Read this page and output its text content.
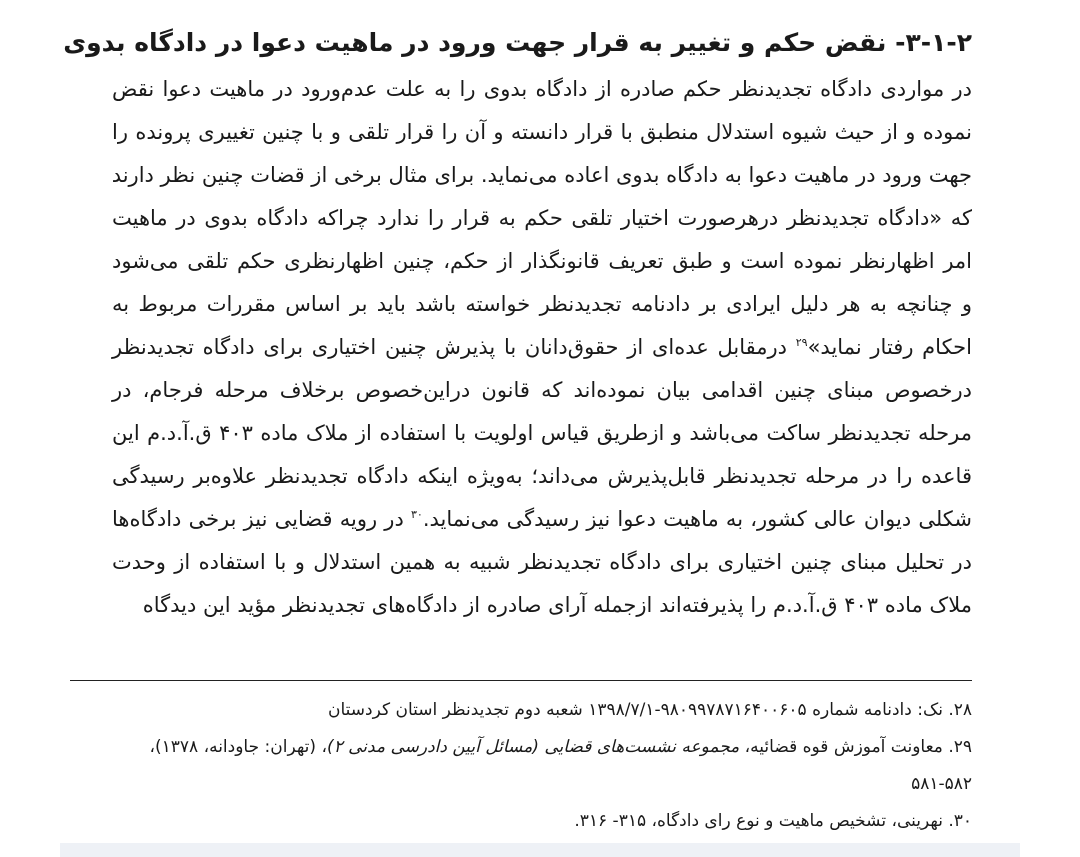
۳-۱-۲- نقض حکم و تغییر به قرار جهت ورود در ماهیت دعوا در دادگاه بدوی
در مواردی دادگاه تجدیدنظر حکم صادره از دادگاه بدوی را به علت عدم‌ورود در ماهیت دعوا نقض
نموده و از حیث شیوه استدلال منطبق با قرار دانسته و آن را قرار تلقی و با چنین تغییری پرونده را
جهت ورود در ماهیت دعوا به دادگاه بدوی اعاده می‌نماید. برای مثال برخی از قضات چنین نظر دارند
که «دادگاه تجدیدنظر درهرصورت اختیار تلقی حکم به قرار را ندارد چراکه دادگاه بدوی در ماهیت
امر اظهارنظر نموده است و طبق تعریف قانونگذار از حکم، چنین اظهارنظری حکم تلقی می‌شود
و چنانچه به هر دلیل ایرادی بر دادنامه تجدیدنظر خواسته باشد باید بر اساس مقررات مربوط به
احکام رفتار نماید»$^{۲۹}$ درمقابل عده‌ای از حقوق‌دانان با پذیرش چنین اختیاری برای دادگاه تجدیدنظر
درخصوص مبنای چنین اقدامی بیان نموده‌اند که قانون دراین‌خصوص برخلاف مرحله فرجام، در
مرحله تجدیدنظر ساکت می‌باشد و ازطریق قیاس اولویت با استفاده از ملاک ماده ۴۰۳ ق.آ.د.م این
قاعده را در مرحله تجدیدنظر قابل‌پذیرش می‌داند؛ به‌ویژه اینکه دادگاه تجدیدنظر علاوه‌بر رسیدگی
شکلی دیوان عالی کشور، به ماهیت دعوا نیز رسیدگی می‌نماید.$^{۳۰}$ در رویه قضایی نیز برخی دادگاه‌ها
در تحلیل مبنای چنین اختیاری برای دادگاه تجدیدنظر شبیه به همین استدلال و با استفاده از وحدت
ملاک ماده ۴۰۳ ق.آ.د.م را پذیرفته‌اند ازجمله آرای صادره از دادگاه‌های تجدیدنظر مؤید این دیدگاه
۲۸. نک: دادنامه شماره ۹۸۰۹۹۷۸۷۱۶۴۰۰۶۰۵-۱۳۹۸/۷/۱ شعبه دوم تجدیدنظر استان کردستان
۲۹. معاونت آموزش قوه قضائیه، مجموعه نشست‌های قضایی (مسائل آیین دادرسی مدنی ۲)، (تهران: جاودانه، ۱۳۷۸)،
۵۸۱-۵۸۲
۳۰. نهرینی، تشخیص ماهیت و نوع رای دادگاه، ۳۱۵- ۳۱۶.
